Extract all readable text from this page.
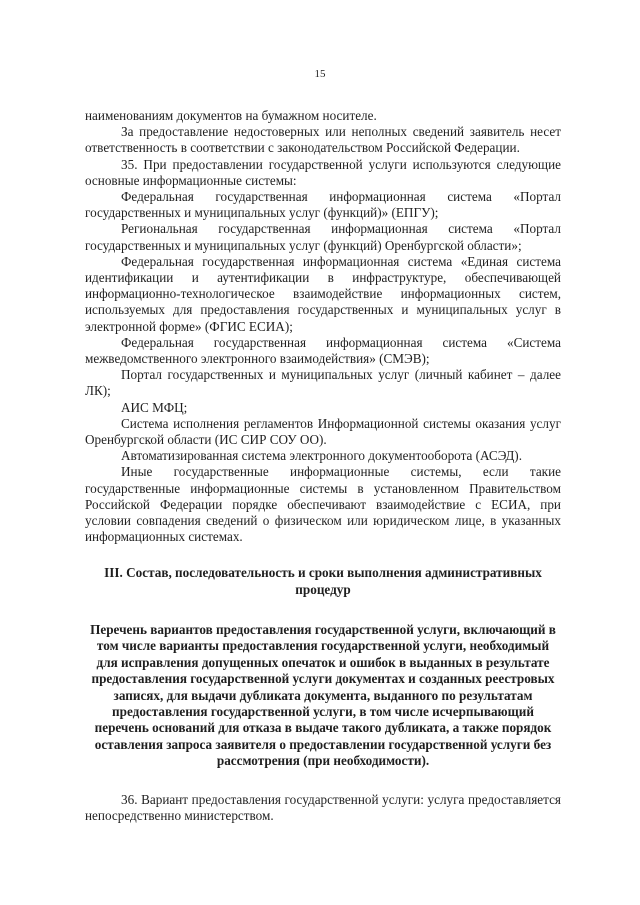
15

наименованиям документов на бумажном носителе.

За предоставление недостоверных или неполных сведений заявитель несет ответственность в соответствии с законодательством Российской Федерации.

35. При предоставлении государственной услуги используются следующие основные информационные системы:

Федеральная государственная информационная система «Портал государственных и муниципальных услуг (функций)» (ЕПГУ);

Региональная государственная информационная система «Портал государственных и муниципальных услуг (функций) Оренбургской области»;

Федеральная государственная информационная система «Единая система идентификации и аутентификации в инфраструктуре, обеспечивающей информационно-технологическое взаимодействие информационных систем, используемых для предоставления государственных и муниципальных услуг в электронной форме» (ФГИС ЕСИА);

Федеральная государственная информационная система «Система межведомственного электронного взаимодействия» (СМЭВ);

Портал государственных и муниципальных услуг (личный кабинет – далее ЛК);

АИС МФЦ;

Система исполнения регламентов Информационной системы оказания услуг Оренбургской области (ИС СИР СОУ ОО).

Автоматизированная система электронного документооборота (АСЭД).

Иные государственные информационные системы, если такие государственные информационные системы в установленном Правительством Российской Федерации порядке обеспечивают взаимодействие с ЕСИА, при условии совпадения сведений о физическом или юридическом лице, в указанных информационных системах.

III. Состав, последовательность и сроки выполнения административных процедур
Перечень вариантов предоставления государственной услуги, включающий в том числе варианты предоставления государственной услуги, необходимый для исправления допущенных опечаток и ошибок в выданных в результате предоставления государственной услуги документах и созданных реестровых записях, для выдачи дубликата документа, выданного по результатам предоставления государственной услуги, в том числе исчерпывающий перечень оснований для отказа в выдаче такого дубликата, а также порядок оставления запроса заявителя о предоставлении государственной услуги без рассмотрения (при необходимости).

36. Вариант предоставления государственной услуги: услуга предоставляется непосредственно министерством.
